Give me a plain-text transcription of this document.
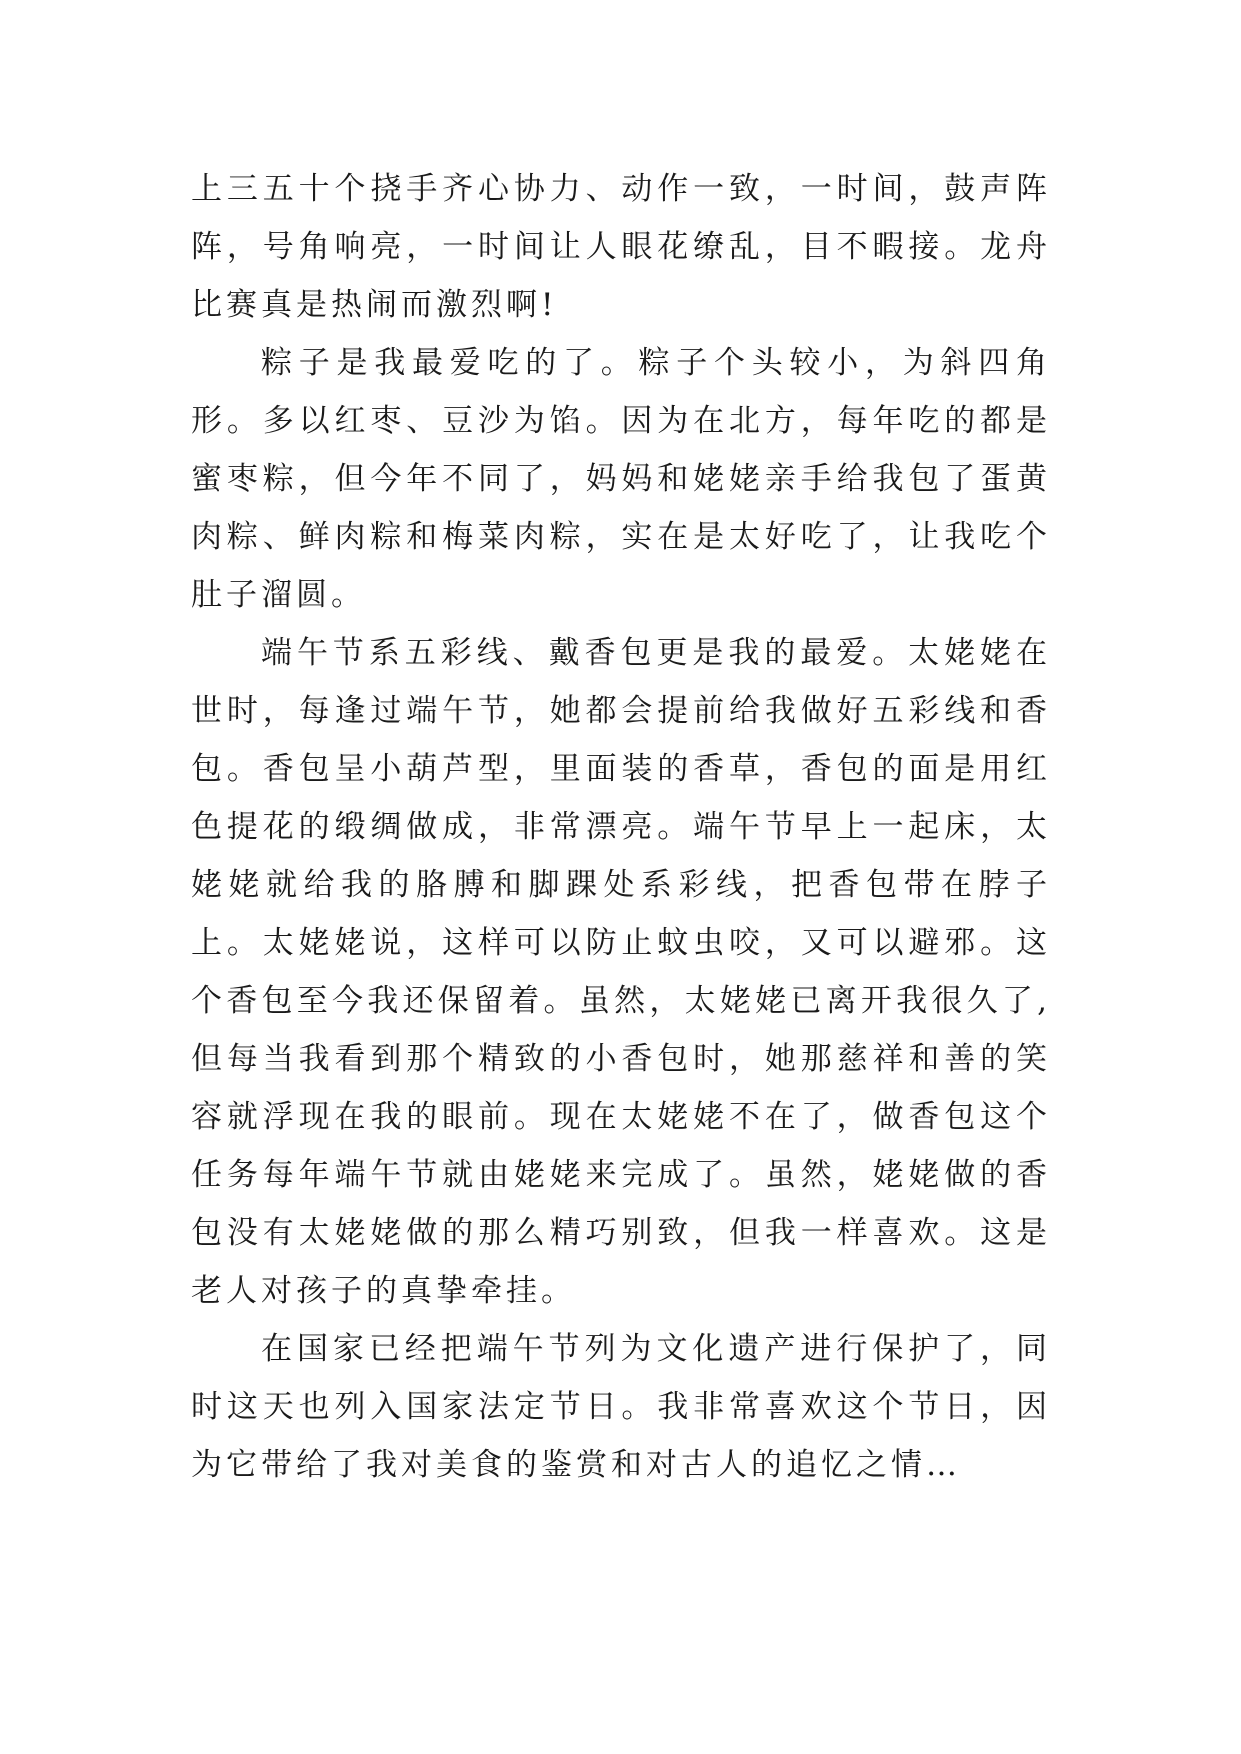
上三五十个挠手齐心协力、动作一致，一时间，鼓声阵阵，号角响亮，一时间让人眼花缭乱，目不暇接。龙舟比赛真是热闹而激烈啊!

粽子是我最爱吃的了。粽子个头较小，为斜四角形。多以红枣、豆沙为馅。因为在北方，每年吃的都是蜜枣粽，但今年不同了，妈妈和姥姥亲手给我包了蛋黄肉粽、鲜肉粽和梅菜肉粽，实在是太好吃了，让我吃个肚子溜圆。

端午节系五彩线、戴香包更是我的最爱。太姥姥在世时，每逢过端午节，她都会提前给我做好五彩线和香包。香包呈小葫芦型，里面装的香草，香包的面是用红色提花的缎绸做成，非常漂亮。端午节早上一起床，太姥姥就给我的胳膊和脚踝处系彩线，把香包带在脖子上。太姥姥说，这样可以防止蚊虫咬，又可以避邪。这个香包至今我还保留着。虽然，太姥姥已离开我很久了,但每当我看到那个精致的小香包时，她那慈祥和善的笑容就浮现在我的眼前。现在太姥姥不在了，做香包这个任务每年端午节就由姥姥来完成了。虽然，姥姥做的香包没有太姥姥做的那么精巧别致，但我一样喜欢。这是老人对孩子的真挚牵挂。

在国家已经把端午节列为文化遗产进行保护了，同时这天也列入国家法定节日。我非常喜欢这个节日，因为它带给了我对美食的鉴赏和对古人的追忆之情…
